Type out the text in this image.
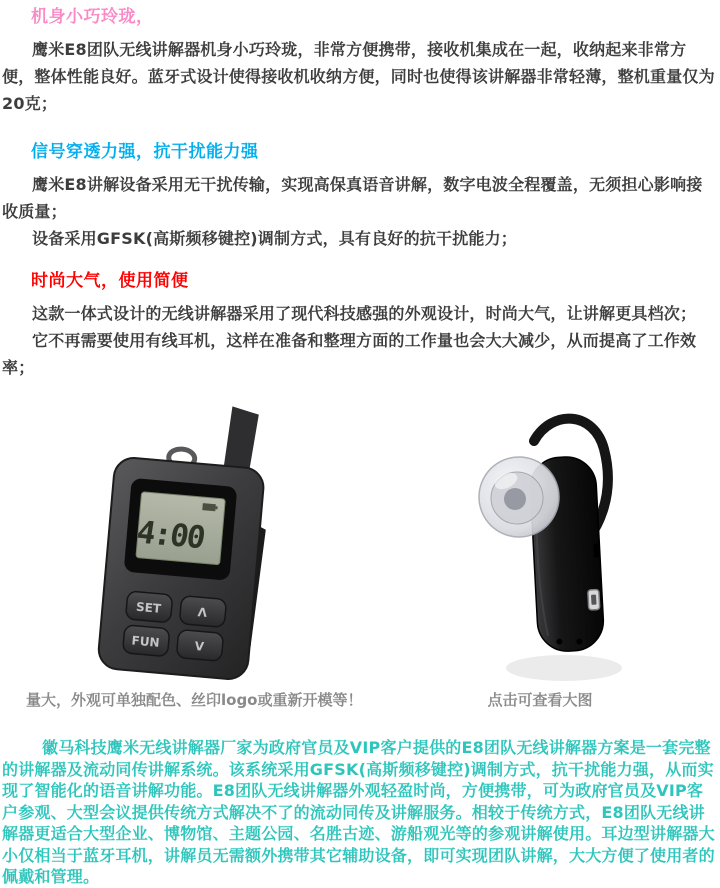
机身小巧玲珑，

鹰米E8团队无线讲解器机身小巧玲珑，非常方便携带，接收机集成在一起，收纳起来非常方便，整体性能良好。蓝牙式设计使得接收机收纳方便，同时也使得该讲解器非常轻薄，整机重量仅为20克；

信号穿透力强，抗干扰能力强

鹰米E8讲解设备采用无干扰传输，实现高保真语音讲解，数字电波全程覆盖，无须担心影响接收质量；

设备采用GFSK(高斯频移键控)调制方式，具有良好的抗干扰能力；

时尚大气，使用简便

这款一体式设计的无线讲解器采用了现代科技感强的外观设计，时尚大气，让讲解更具档次；

它不再需要使用有线耳机，这样在准备和整理方面的工作量也会大大减少，从而提高了工作效率；

4:00
SET	Λ
FUN	V
量大，外观可单独配色、丝印logo或重新开模等！	点击可查看大图

徽马科技鹰米无线讲解器厂家为政府官员及VIP客户提供的E8团队无线讲解器方案是一套完整的讲解器及流动同传讲解系统。该系统采用GFSK(高斯频移键控)调制方式，抗干扰能力强，从而实现了智能化的语音讲解功能。E8团队无线讲解器外观轻盈时尚，方便携带，可为政府官员及VIP客户参观、大型会议提供传统方式解决不了的流动同传及讲解服务。相较于传统方式，E8团队无线讲解器更适合大型企业、博物馆、主题公园、名胜古迹、游船观光等的参观讲解使用。耳边型讲解器大小仅相当于蓝牙耳机，讲解员无需额外携带其它辅助设备，即可实现团队讲解，大大方便了使用者的佩戴和管理。
